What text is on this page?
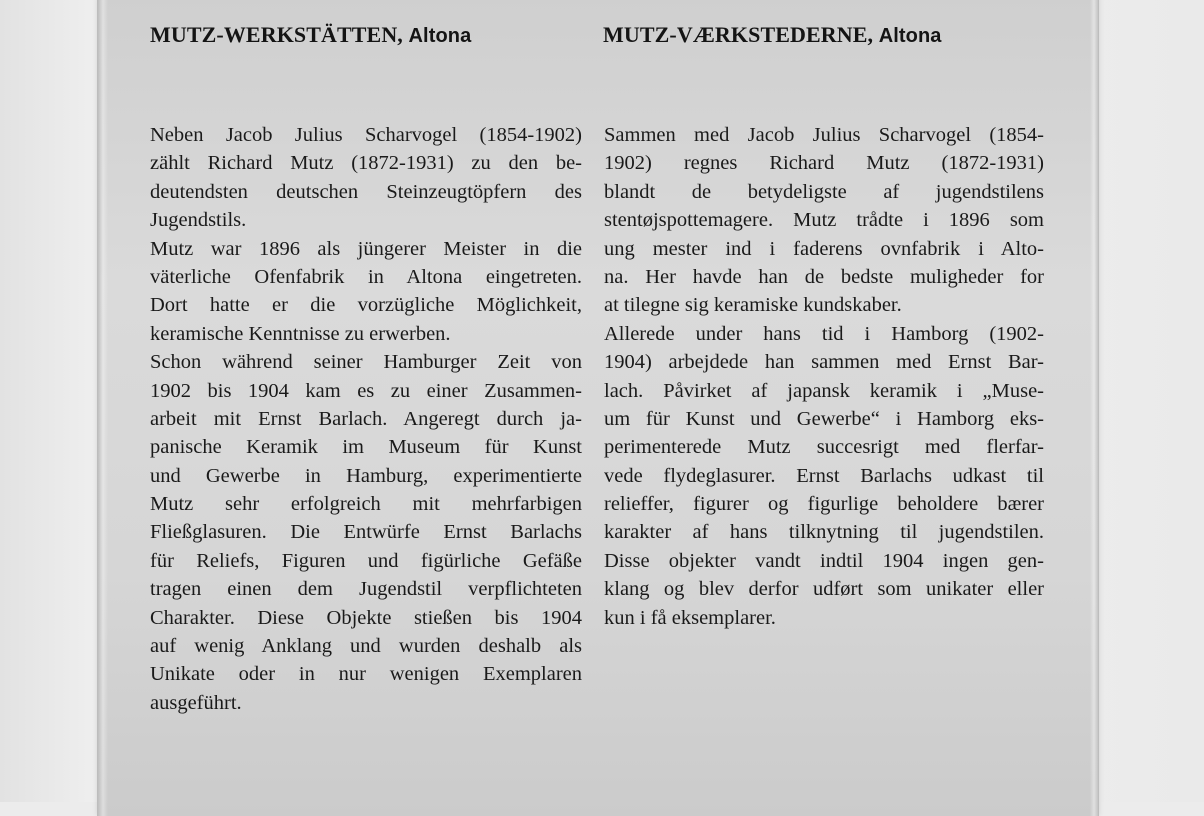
MUTZ-WERKSTÄTTEN, Altona	MUTZ-VÆRKSTEDERNE, Altona
Neben Jacob Julius Scharvogel (1854-1902)
zählt Richard Mutz (1872-1931) zu den be-
deutendsten deutschen Steinzeugtöpfern des
Jugendstils.
Mutz war 1896 als jüngerer Meister in die
väterliche Ofenfabrik in Altona eingetreten.
Dort hatte er die vorzügliche Möglichkeit,
keramische Kenntnisse zu erwerben.
Schon während seiner Hamburger Zeit von
1902 bis 1904 kam es zu einer Zusammen-
arbeit mit Ernst Barlach. Angeregt durch ja-
panische Keramik im Museum für Kunst
und Gewerbe in Hamburg, experimentierte
Mutz sehr erfolgreich mit mehrfarbigen
Fließglasuren. Die Entwürfe Ernst Barlachs
für Reliefs, Figuren und figürliche Gefäße
tragen einen dem Jugendstil verpflichteten
Charakter. Diese Objekte stießen bis 1904
auf wenig Anklang und wurden deshalb als
Unikate oder in nur wenigen Exemplaren
ausgeführt.
Sammen med Jacob Julius Scharvogel (1854-
1902) regnes Richard Mutz (1872-1931)
blandt de betydeligste af jugendstilens
stentøjspottemagere. Mutz trådte i 1896 som
ung mester ind i faderens ovnfabrik i Alto-
na. Her havde han de bedste muligheder for
at tilegne sig keramiske kundskaber.
Allerede under hans tid i Hamborg (1902-
1904) arbejdede han sammen med Ernst Bar-
lach. Påvirket af japansk keramik i „Muse-
um für Kunst und Gewerbe“ i Hamborg eks-
perimenterede Mutz succesrigt med flerfar-
vede flydeglasurer. Ernst Barlachs udkast til
relieffer, figurer og figurlige beholdere bærer
karakter af hans tilknytning til jugendstilen.
Disse objekter vandt indtil 1904 ingen gen-
klang og blev derfor udført som unikater eller
kun i få eksemplarer.
